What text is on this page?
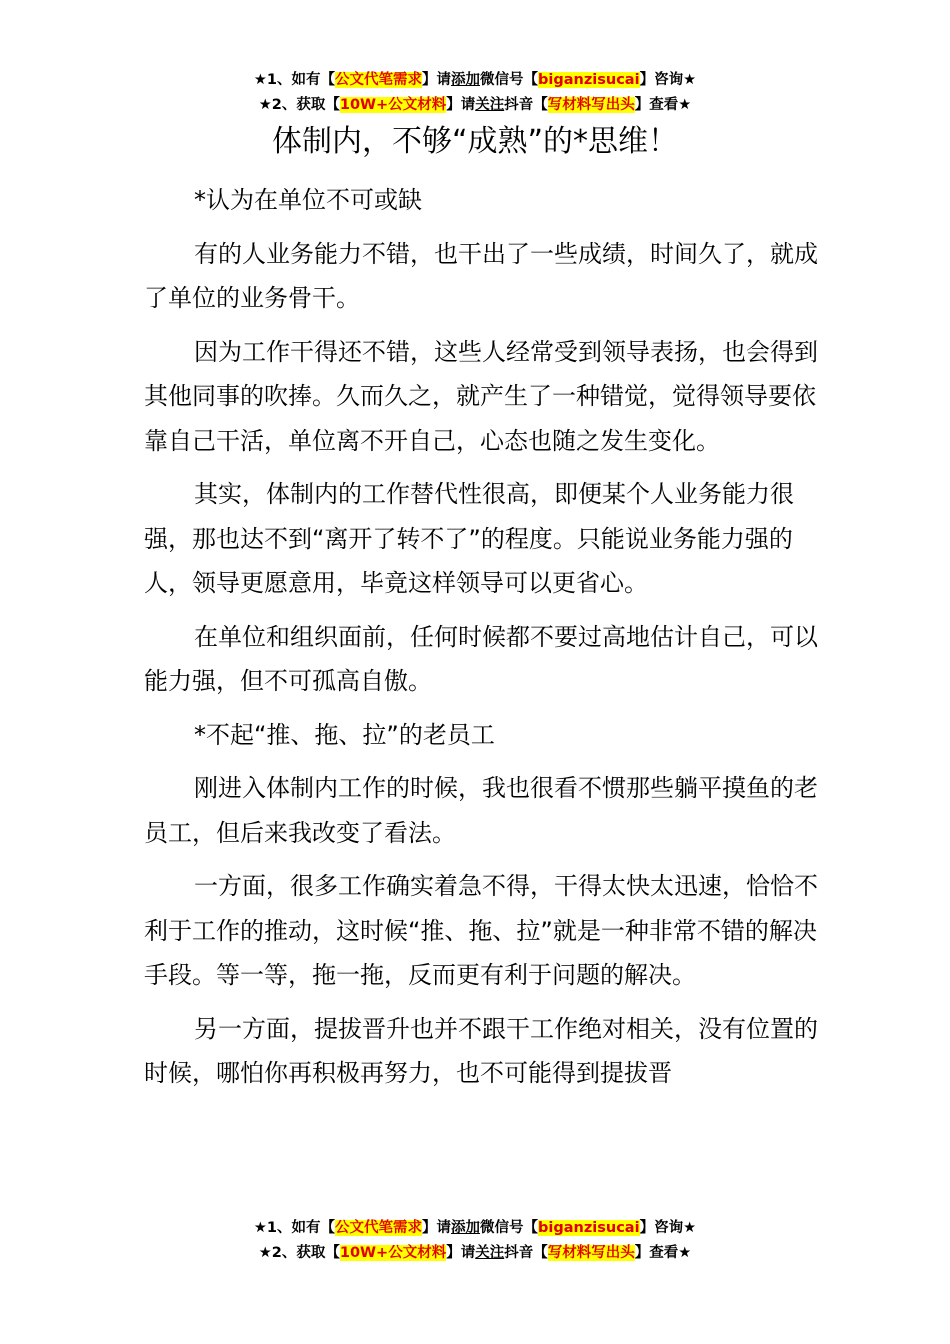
★1、如有【公文代笔需求】请添加微信号【biganzisucai】咨询★
★2、获取【10W+公文材料】请关注抖音【写材料写出头】查看★
体制内，不够“成熟”的*思维！

*认为在单位不可或缺

有的人业务能力不错，也干出了一些成绩，时间久了，就成了单位的业务骨干。

因为工作干得还不错，这些人经常受到领导表扬，也会得到其他同事的吹捧。久而久之，就产生了一种错觉，觉得领导要依靠自己干活，单位离不开自己，心态也随之发生变化。

其实，体制内的工作替代性很高，即便某个人业务能力很强，那也达不到“离开了转不了”的程度。只能说业务能力强的人，领导更愿意用，毕竟这样领导可以更省心。

在单位和组织面前，任何时候都不要过高地估计自己，可以能力强，但不可孤高自傲。

*不起“推、拖、拉”的老员工

刚进入体制内工作的时候，我也很看不惯那些躺平摸鱼的老员工，但后来我改变了看法。

一方面，很多工作确实着急不得，干得太快太迅速，恰恰不利于工作的推动，这时候“推、拖、拉”就是一种非常不错的解决手段。等一等，拖一拖，反而更有利于问题的解决。

另一方面，提拔晋升也并不跟干工作绝对相关，没有位置的时候，哪怕你再积极再努力，也不可能得到提拔晋

★1、如有【公文代笔需求】请添加微信号【biganzisucai】咨询★
★2、获取【10W+公文材料】请关注抖音【写材料写出头】查看★
